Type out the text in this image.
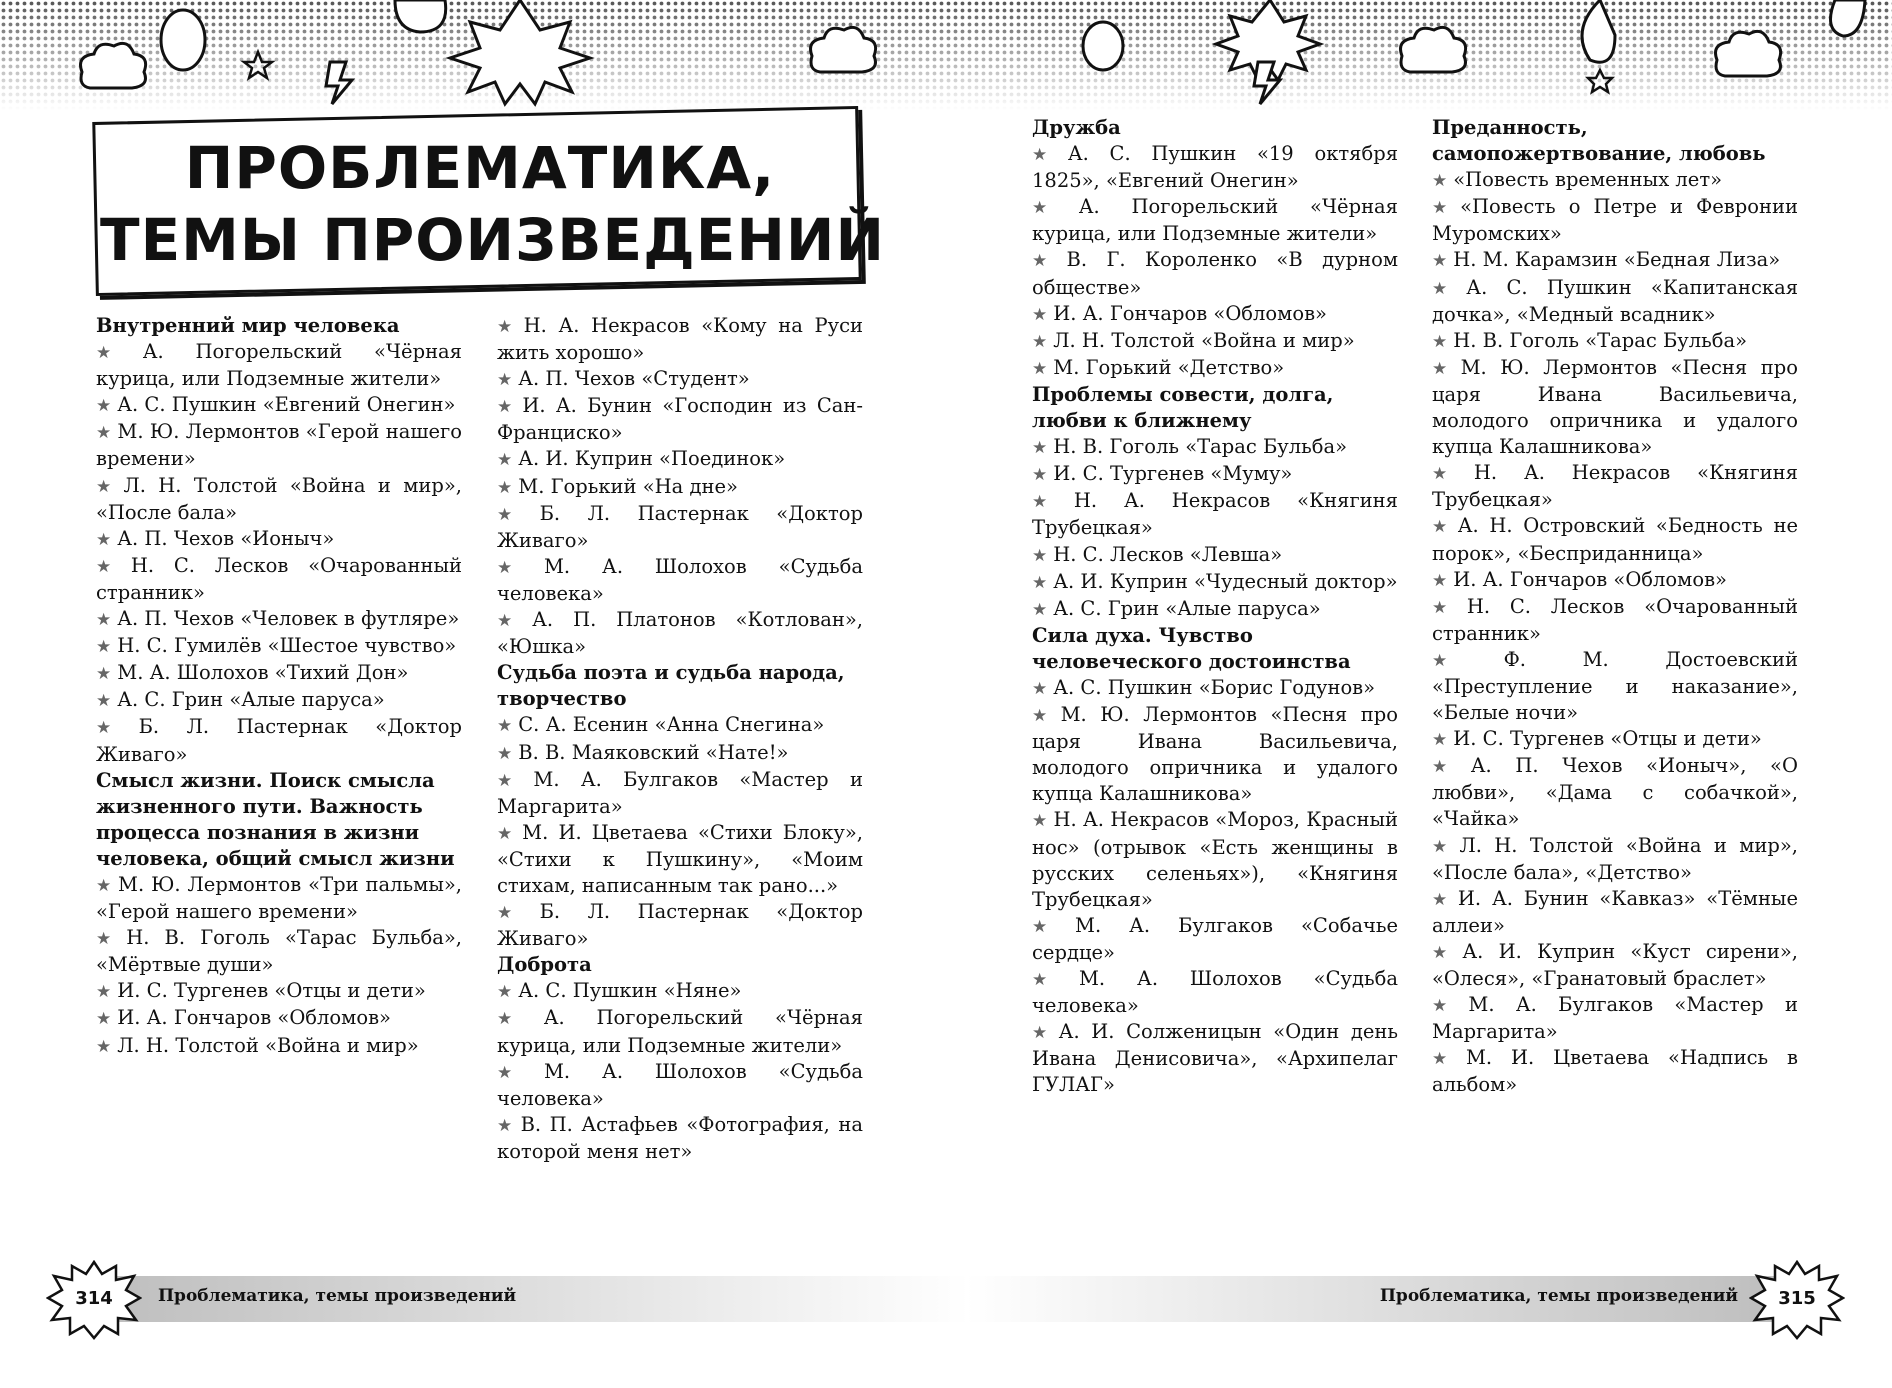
ПРОБЛЕМАТИКА,
ТЕМЫ ПРОИЗВЕДЕНИЙ

Внутренний мир человека

★ А. Погорельский «Чёрная курица, или Подземные жители»

★ А. С. Пушкин «Евгений Онегин»

★ М. Ю. Лермонтов «Герой нашего времени»

★ Л. Н. Толстой «Война и мир», «После бала»

★ А. П. Чехов «Ионыч»

★ Н. С. Лесков «Очарованный странник»

★ А. П. Чехов «Человек в футляре»

★ Н. С. Гумилёв «Шестое чувство»

★ М. А. Шолохов «Тихий Дон»

★ А. С. Грин «Алые паруса»

★ Б. Л. Пастернак «Доктор Живаго»

Смысл жизни. Поиск смысла жизненного пути. Важность процесса познания в жизни человека, общий смысл жизни

★ М. Ю. Лермонтов «Три пальмы», «Герой нашего времени»

★ Н. В. Гоголь «Тарас Бульба», «Мёртвые души»

★ И. С. Тургенев «Отцы и дети»

★ И. А. Гончаров «Обломов»

★ Л. Н. Толстой «Война и мир»

★ Н. А. Некрасов «Кому на Руси жить хорошо»

★ А. П. Чехов «Студент»

★ И. А. Бунин «Господин из Сан-Франциско»

★ А. И. Куприн «Поединок»

★ М. Горький «На дне»

★ Б. Л. Пастернак «Доктор Живаго»

★ М. А. Шолохов «Судьба человека»

★ А. П. Платонов «Котлован», «Юшка»

Судьба поэта и судьба народа, творчество

★ С. А. Есенин «Анна Снегина»

★ В. В. Маяковский «Нате!»

★ М. А. Булгаков «Мастер и Маргарита»

★ М. И. Цветаева «Стихи Блоку», «Стихи к Пушкину», «Моим стихам, написанным так рано...»

★ Б. Л. Пастернак «Доктор Живаго»

Доброта

★ А. С. Пушкин «Няне»

★ А. Погорельский «Чёрная курица, или Подземные жители»

★ М. А. Шолохов «Судьба человека»

★ В. П. Астафьев «Фотография, на которой меня нет»

Дружба

★ А. С. Пушкин «19 октября 1825», «Евгений Онегин»

★ А. Погорельский «Чёрная курица, или Подземные жители»

★ В. Г. Короленко «В дурном обществе»

★ И. А. Гончаров «Обломов»

★ Л. Н. Толстой «Война и мир»

★ М. Горький «Детство»

Проблемы совести, долга, любви к ближнему

★ Н. В. Гоголь «Тарас Бульба»

★ И. С. Тургенев «Муму»

★ Н. А. Некрасов «Княгиня Трубецкая»

★ Н. С. Лесков «Левша»

★ А. И. Куприн «Чудесный доктор»

★ А. С. Грин «Алые паруса»

Сила духа. Чувство человеческого достоинства

★ А. С. Пушкин «Борис Годунов»

★ М. Ю. Лермонтов «Песня про царя Ивана Васильевича, молодого опричника и удалого купца Калашникова»

★ Н. А. Некрасов «Мороз, Красный нос» (отрывок «Есть женщины в русских селеньях»), «Княгиня Трубецкая»

★ М. А. Булгаков «Собачье сердце»

★ М. А. Шолохов «Судьба человека»

★ А. И. Солженицын «Один день Ивана Денисовича», «Архипелаг ГУЛАГ»

Преданность, самопожертвование, любовь

★ «Повесть временных лет»

★ «Повесть о Петре и Февронии Муромских»

★ Н. М. Карамзин «Бедная Лиза»

★ А. С. Пушкин «Капитанская дочка», «Медный всадник»

★ Н. В. Гоголь «Тарас Бульба»

★ М. Ю. Лермонтов «Песня про царя Ивана Васильевича, молодого опричника и удалого купца Калашникова»

★ Н. А. Некрасов «Княгиня Трубецкая»

★ А. Н. Островский «Бедность не порок», «Бесприданница»

★ И. А. Гончаров «Обломов»

★ Н. С. Лесков «Очарованный странник»

★ Ф. М. Достоевский «Преступление и наказание», «Белые ночи»

★ И. С. Тургенев «Отцы и дети»

★ А. П. Чехов «Ионыч», «О любви», «Дама с собачкой», «Чайка»

★ Л. Н. Толстой «Война и мир», «После бала», «Детство»

★ И. А. Бунин «Кавказ» «Тёмные аллеи»

★ А. И. Куприн «Куст сирени», «Олеся», «Гранатовый браслет»

★ М. А. Булгаков «Мастер и Маргарита»

★ М. И. Цветаева «Надпись в альбом»

314	Проблематика, темы произведений	Проблематика, темы произведений	315
